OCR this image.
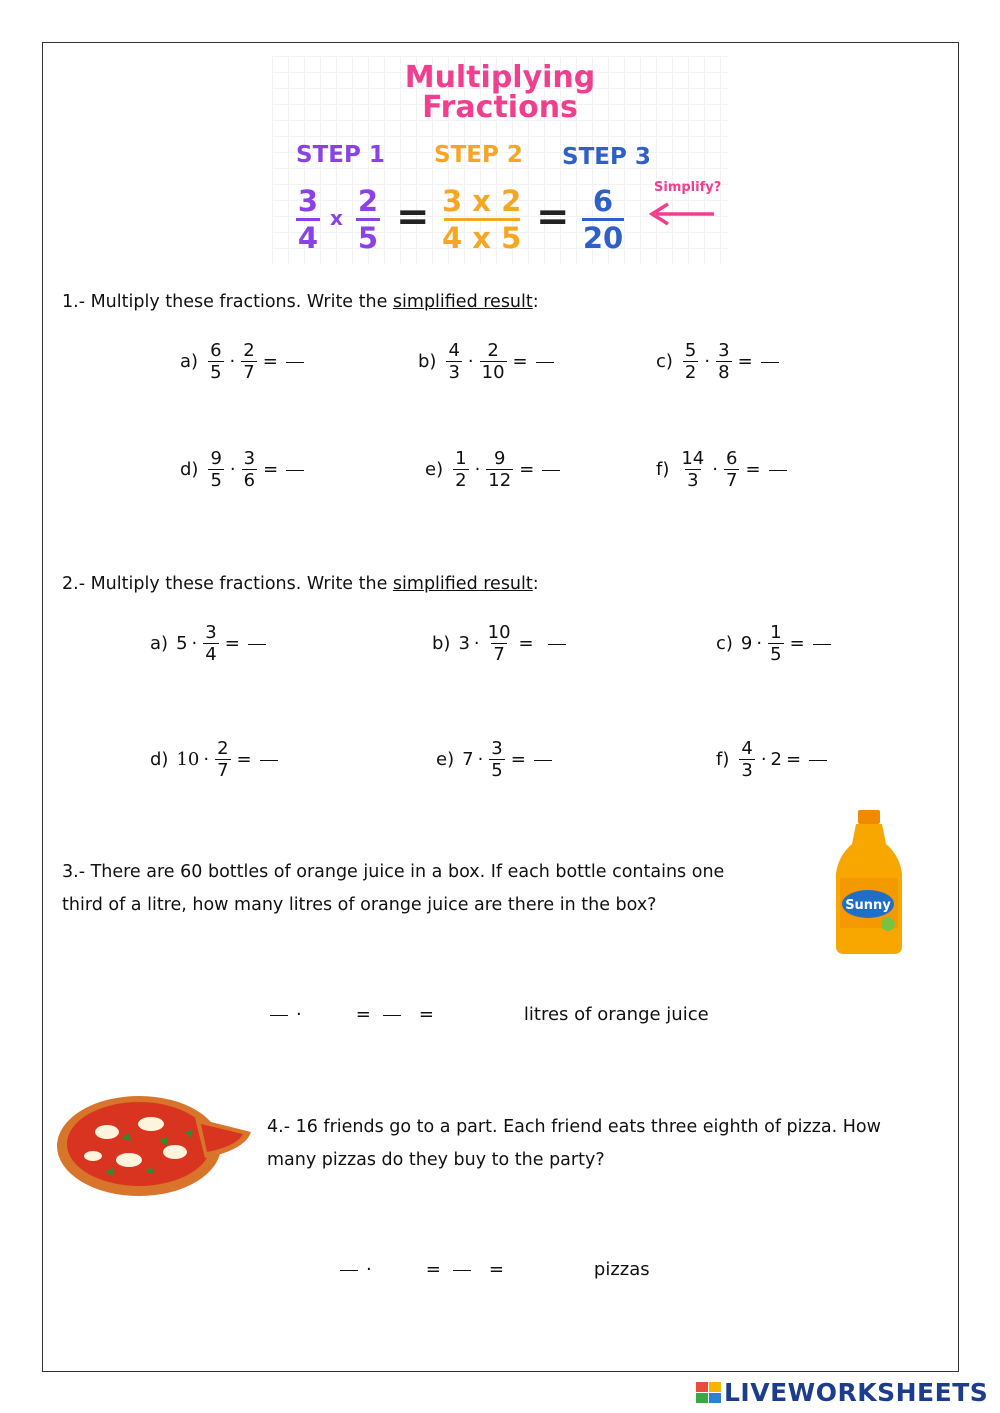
Multiplying
Fractions
STEP 1 STEP 2 STEP 3
3
4
x 2
5 = 3 x 2
4 x 5 = 6
20
Simplify?
1.- Multiply these fractions. Write the simplified result:
$a) \frac{6}{5} \cdot \frac{2}{7}$ =	$b) \frac{4}{3} \cdot \frac{2}{10}$ =	$c) \frac{5}{2} \cdot \frac{3}{8}$ =
$d) \frac{9}{5} \cdot \frac{3}{6}$ =	$e) \frac{1}{2} \cdot \frac{9}{12}$ =	$f) \frac{14}{3} \cdot \frac{6}{7}$ =
2.- Multiply these fractions. Write the simplified result:
a) $5 \cdot \frac{3}{4}$ =	b) $3 \cdot \frac{10}{7}$ =	c) $9 \cdot \frac{1}{5}$ =
d) $10 \cdot \frac{2}{7}$ =	e) $7 \cdot \frac{3}{5}$ =	$f) \frac{4}{3} \cdot 2$ =
3.- There are 60 bottles of orange juice in a box. If each bottle contains one
third of a litre, how many litres of orange juice are there in the box?	Sunny
·	=	=	litres of orange juice
4.- 16 friends go to a part. Each friend eats three eighth of pizza. How
many pizzas do they buy to the party?
·	=	=	pizzas
LIVEWORKSHEETS
